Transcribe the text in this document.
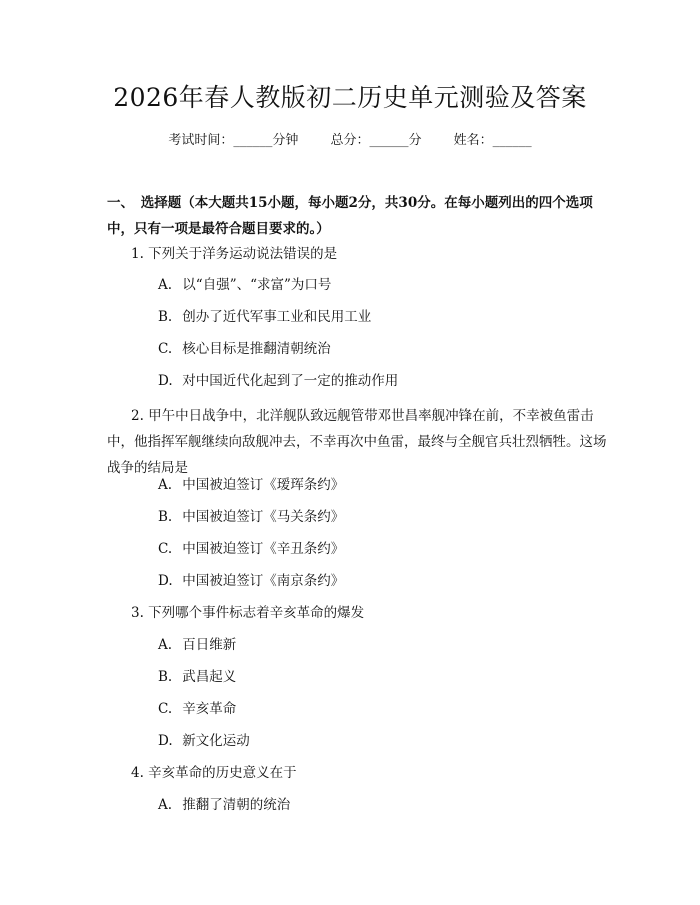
2026年春人教版初二历史单元测验及答案
考试时间：______分钟 总分：______分 姓名：______
一、　选择题（本大题共15小题，每小题2分，共30分。在每小题列出的四个选项中，只有一项是最符合题目要求的。）
1. 下列关于洋务运动说法错误的是
A. 以“自强”、“求富”为口号
B. 创办了近代军事工业和民用工业
C. 核心目标是推翻清朝统治
D. 对中国近代化起到了一定的推动作用
2. 甲午中日战争中，北洋舰队致远舰管带邓世昌率舰冲锋在前，不幸被鱼雷击中，他指挥军舰继续向敌舰冲去，不幸再次中鱼雷，最终与全舰官兵壮烈牺牲。这场战争的结局是
A. 中国被迫签订《瑷珲条约》
B. 中国被迫签订《马关条约》
C. 中国被迫签订《辛丑条约》
D. 中国被迫签订《南京条约》
3. 下列哪个事件标志着辛亥革命的爆发
A. 百日维新
B. 武昌起义
C. 辛亥革命
D. 新文化运动
4. 辛亥革命的历史意义在于
A. 推翻了清朝的统治
